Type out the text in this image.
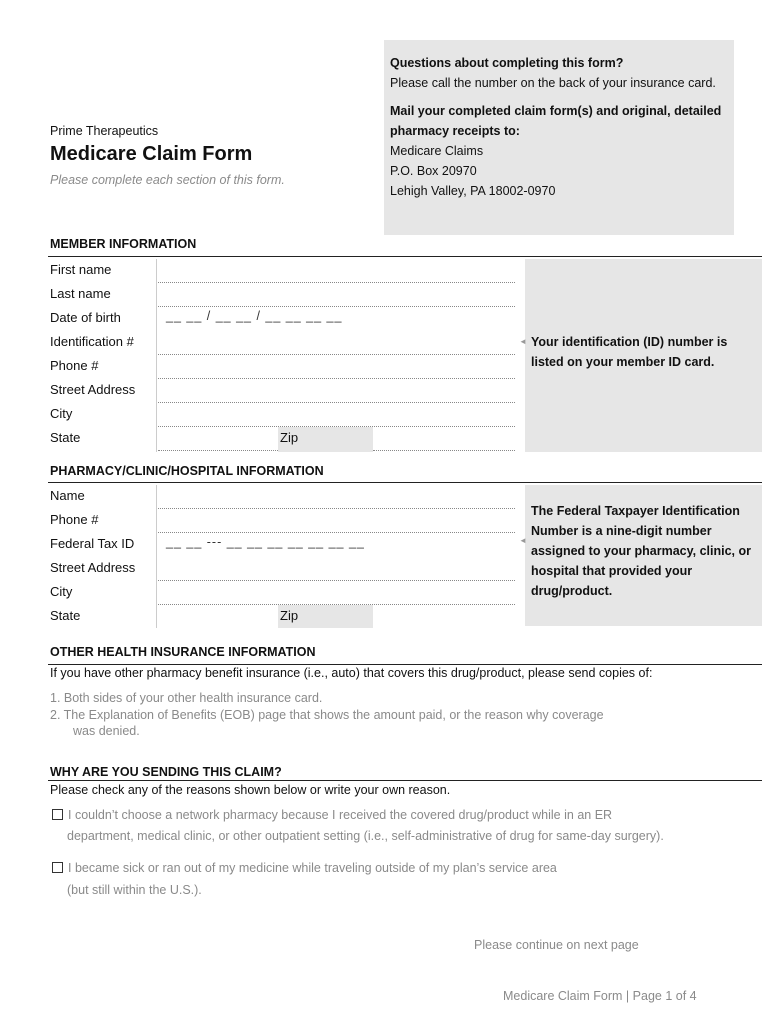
Questions about completing this form?

Please call the number on the back of your insurance card.

Mail your completed claim form(s) and original, detailed pharmacy receipts to:

Medicare Claims

P.O. Box 20970

Lehigh Valley, PA 18002-0970

Prime Therapeutics
Medicare Claim Form
Please complete each section of this form.
MEMBER INFORMATION
First name
Last name
Date of birth	__ __ / __ __ / __ __ __ __
Identification #
Phone #
Street Address
City
State	Zip
◄ Your identification (ID) number is listed on your member ID card.
PHARMACY/CLINIC/HOSPITAL INFORMATION
Name
Phone #
Federal Tax ID	__ __ --- __ __ __ __ __ __ __
Street Address
City
State	Zip
◄
The Federal Taxpayer Identification Number is a nine-digit number assigned to your pharmacy, clinic, or hospital that provided your drug/product.
OTHER HEALTH INSURANCE INFORMATION
If you have other pharmacy benefit insurance (i.e., auto) that covers this drug/product, please send copies of:
1. Both sides of your other health insurance card.
2. The Explanation of Benefits (EOB) page that shows the amount paid, or the reason why coverage
was denied.
WHY ARE YOU SENDING THIS CLAIM?
Please check any of the reasons shown below or write your own reason.
I couldn’t choose a network pharmacy because I received the covered drug/product while in an ER
department, medical clinic, or other outpatient setting (i.e., self-administrative of drug for same-day surgery).
I became sick or ran out of my medicine while traveling outside of my plan’s service area
(but still within the U.S.).
Please continue on next page
Medicare Claim Form | Page 1 of 4
